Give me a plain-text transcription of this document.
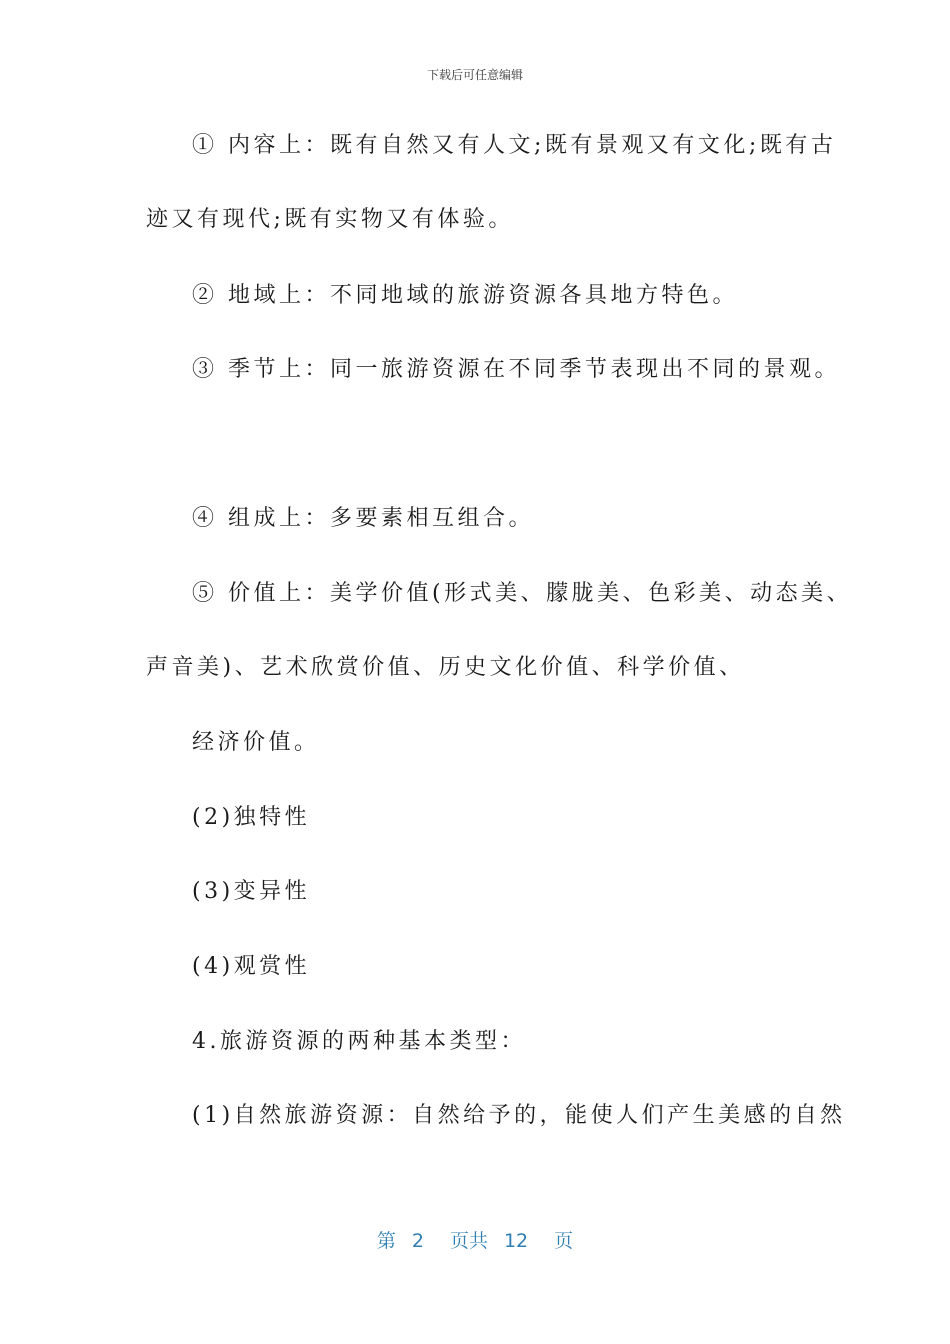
下载后可任意编辑
① 内容上：既有自然又有人文;既有景观又有文化;既有古
迹又有现代;既有实物又有体验。
② 地域上：不同地域的旅游资源各具地方特色。
③ 季节上：同一旅游资源在不同季节表现出不同的景观。
④ 组成上：多要素相互组合。
⑤ 价值上：美学价值(形式美、朦胧美、色彩美、动态美、
声音美)、艺术欣赏价值、历史文化价值、科学价值、
经济价值。
(2)独特性
(3)变异性
(4)观赏性
4.旅游资源的两种基本类型：
(1)自然旅游资源：自然给予的，能使人们产生美感的自然
第 2 页共 12 页
